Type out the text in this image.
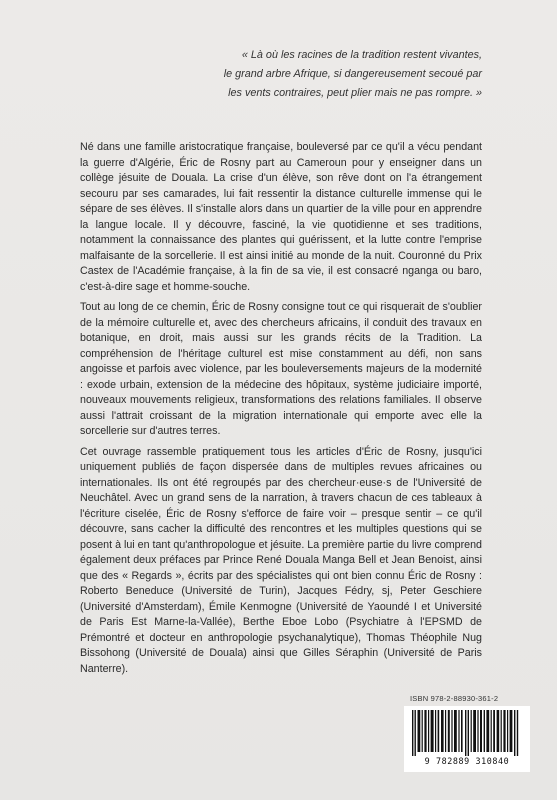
« Là où les racines de la tradition restent vivantes,
le grand arbre Afrique, si dangereusement secoué par
les vents contraires, peut plier mais ne pas rompre. »

Né dans une famille aristocratique française, bouleversé par ce qu'il a vécu pendant la guerre d'Algérie, Éric de Rosny part au Cameroun pour y enseigner dans un collège jésuite de Douala. La crise d'un élève, son rêve dont on l'a étrangement secouru par ses camarades, lui fait ressentir la distance culturelle immense qui le sépare de ses élèves. Il s'installe alors dans un quartier de la ville pour en apprendre la langue locale. Il y découvre, fasciné, la vie quotidienne et ses traditions, notamment la connaissance des plantes qui guérissent, et la lutte contre l'emprise malfaisante de la sorcellerie. Il est ainsi initié au monde de la nuit. Couronné du Prix Castex de l'Académie française, à la fin de sa vie, il est consacré nganga ou baro, c'est-à-dire sage et homme-souche.

Tout au long de ce chemin, Éric de Rosny consigne tout ce qui risquerait de s'oublier de la mémoire culturelle et, avec des chercheurs africains, il conduit des travaux en botanique, en droit, mais aussi sur les grands récits de la Tradition. La compréhension de l'héritage culturel est mise constamment au défi, non sans angoisse et parfois avec violence, par les bouleversements majeurs de la modernité : exode urbain, extension de la médecine des hôpitaux, système judiciaire importé, nouveaux mouvements religieux, transformations des relations familiales. Il observe aussi l'attrait croissant de la migration internationale qui emporte avec elle la sorcellerie sur d'autres terres.

Cet ouvrage rassemble pratiquement tous les articles d'Éric de Rosny, jusqu'ici uniquement publiés de façon dispersée dans de multiples revues africaines ou internationales. Ils ont été regroupés par des chercheur·euse·s de l'Université de Neuchâtel. Avec un grand sens de la narration, à travers chacun de ces tableaux à l'écriture ciselée, Éric de Rosny s'efforce de faire voir – presque sentir – ce qu'il découvre, sans cacher la difficulté des rencontres et les multiples questions qui se posent à lui en tant qu'anthropologue et jésuite. La première partie du livre comprend également deux préfaces par Prince René Douala Manga Bell et Jean Benoist, ainsi que des « Regards », écrits par des spécialistes qui ont bien connu Éric de Rosny : Roberto Beneduce (Université de Turin), Jacques Fédry, sj, Peter Geschiere (Université d'Amsterdam), Émile Kenmogne (Université de Yaoundé I et Université de Paris Est Marne-la-Vallée), Berthe Eboe Lobo (Psychiatre à l'EPSMD de Prémontré et docteur en anthropologie psychanalytique), Thomas Théophile Nug Bissohong (Université de Douala) ainsi que Gilles Séraphin (Université de Paris Nanterre).

ISBN 978-2-88930-361-2
9 782889 310840
